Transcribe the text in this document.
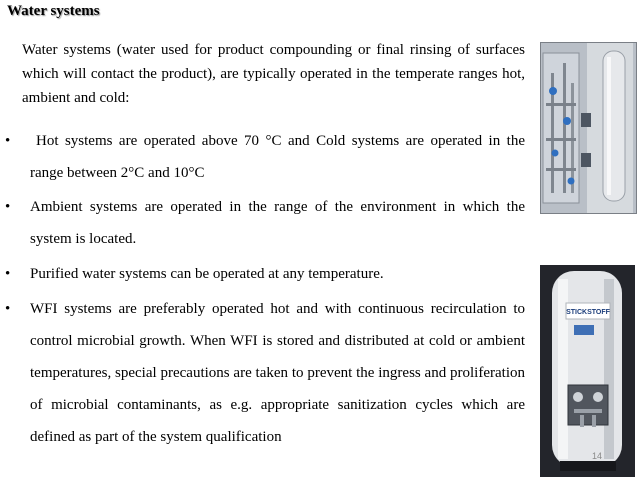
Water systems
Water systems (water used for product compounding or final rinsing of surfaces which will contact the product), are typically operated in the temperate ranges hot, ambient and cold:
• Hot systems are operated above 70 °C and Cold systems are operated in the range between 2°C and 10°C
• Ambient systems are operated in the range of the environment in which the system is located.
• Purified water systems can be operated at any temperature.
• WFI systems are preferably operated hot and with continuous recirculation to control microbial growth. When WFI is stored and distributed at cold or ambient temperatures, special precautions are taken to prevent the ingress and proliferation of microbial contaminants, as e.g. appropriate sanitization cycles which are defined as part of the system qualification
STICKSTOFF
14
